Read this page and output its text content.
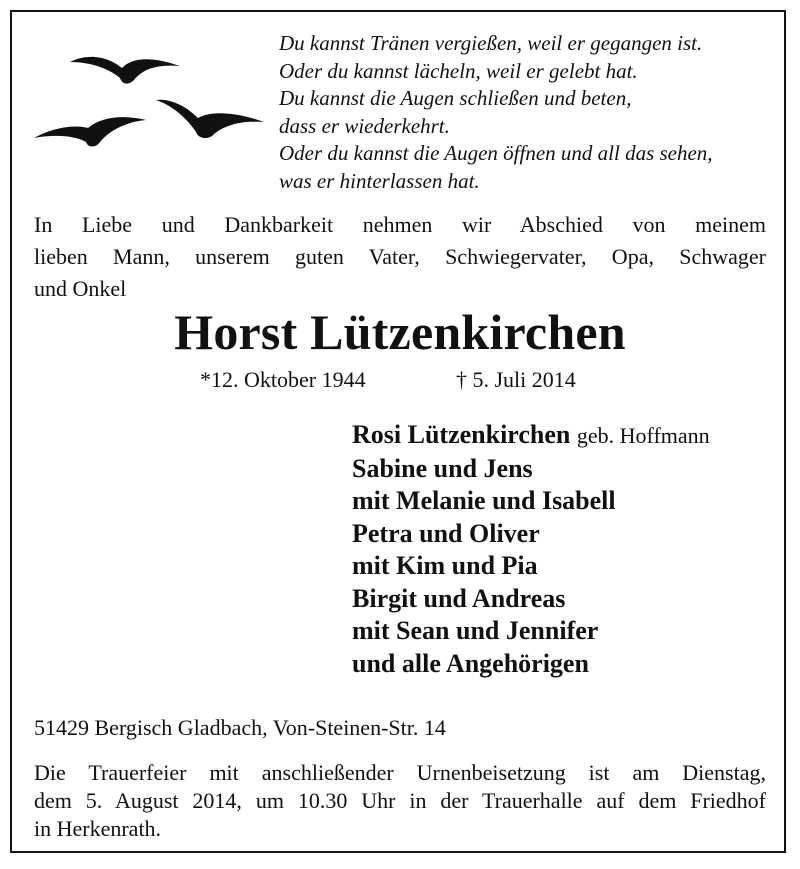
Du kannst Tränen vergießen, weil er gegangen ist.
Oder du kannst lächeln, weil er gelebt hat.
Du kannst die Augen schließen und beten,
dass er wiederkehrt.
Oder du kannst die Augen öffnen und all das sehen,
was er hinterlassen hat.
In Liebe und Dankbarkeit nehmen wir Abschied von meinem
lieben Mann, unserem guten Vater, Schwiegervater, Opa, Schwager
und Onkel
Horst Lützenkirchen
*12. Oktober 1944	† 5. Juli 2014
Rosi Lützenkirchen geb. Hoffmann
Sabine und Jens
mit Melanie und Isabell
Petra und Oliver
mit Kim und Pia
Birgit und Andreas
mit Sean und Jennifer
und alle Angehörigen
51429 Bergisch Gladbach, Von-Steinen-Str. 14
Die Trauerfeier mit anschließender Urnenbeisetzung ist am Dienstag,
dem 5. August 2014, um 10.30 Uhr in der Trauerhalle auf dem Friedhof
in Herkenrath.
